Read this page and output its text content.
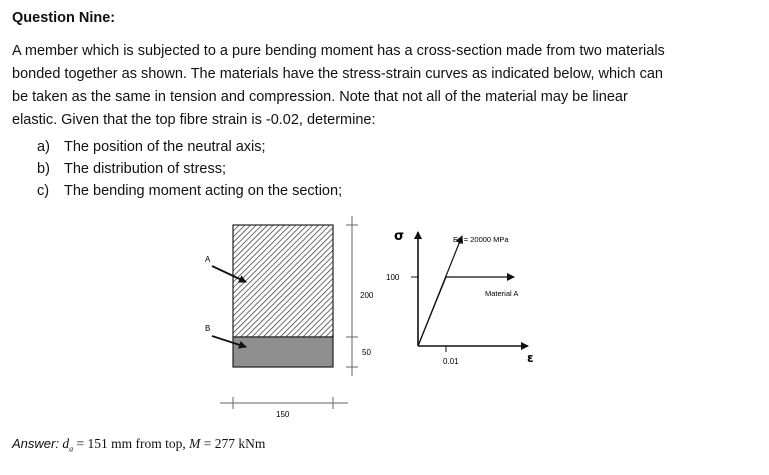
Question Nine:

A member which is subjected to a pure bending moment has a cross-section made from two materials
bonded together as shown. The materials have the stress-strain curves as indicated below, which can
be taken as the same in tension and compression. Note that not all of the material may be linear
elastic. Given that the top fibre strain is -0.02, determine:

a) The position of the neutral axis;
b) The distribution of stress;
c) The bending moment acting on the section;
A
B
200
50
150
σ
ε
100
0.01
$E_B = 20000$ MPa
Material A
Answer: $d_a = 151$ mm from top, M = 277 kNm
